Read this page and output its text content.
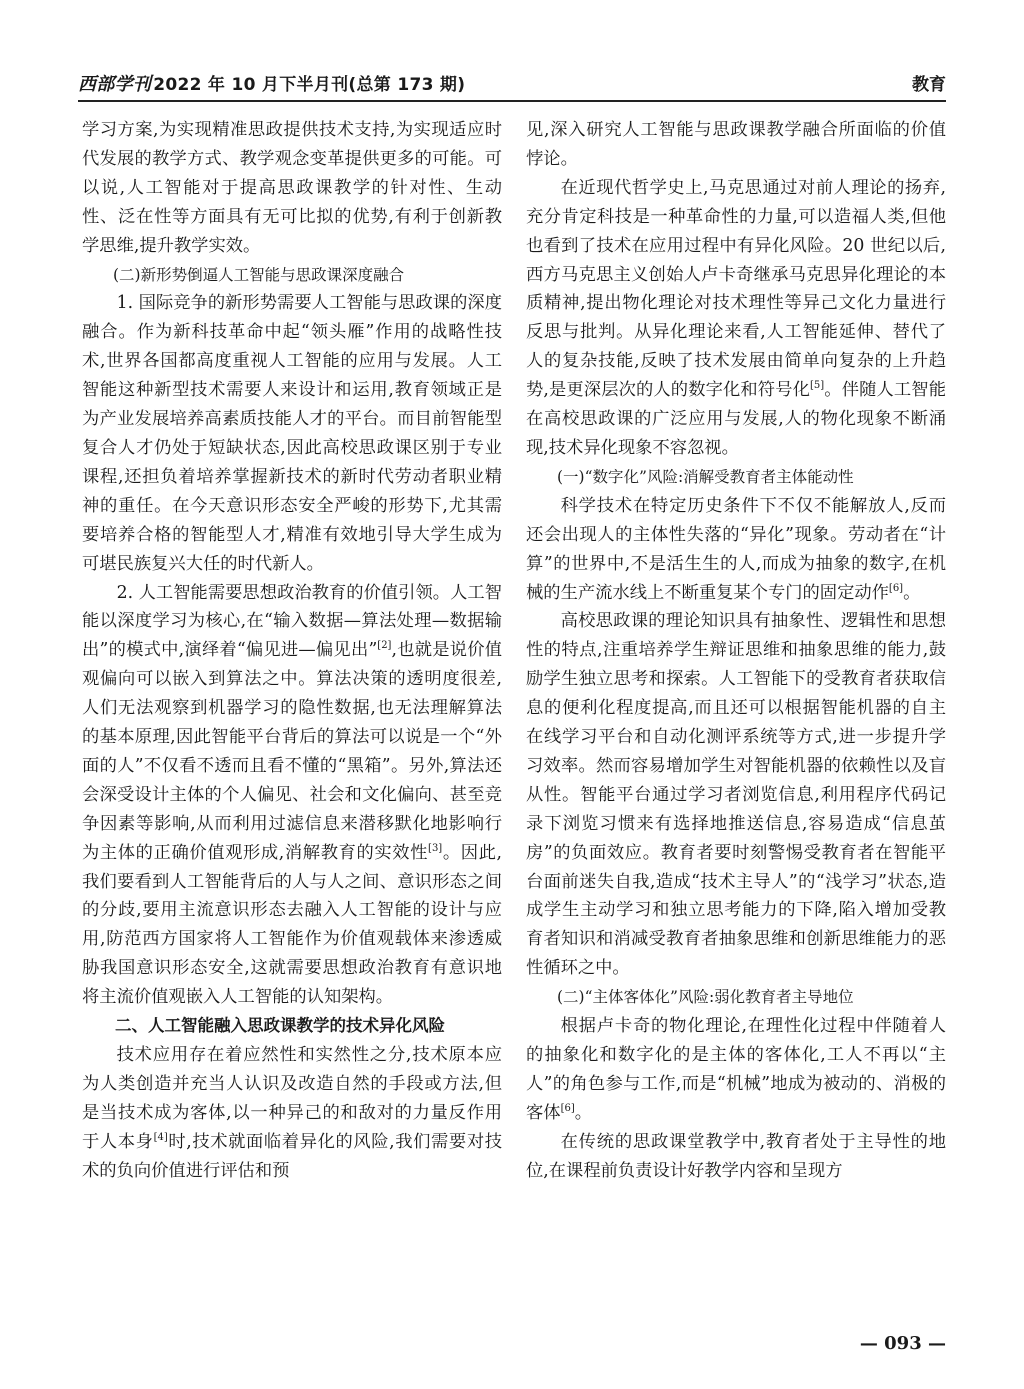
西部学刊 2022 年 10 月下半月刊(总第 173 期)	教育

学习方案,为实现精准思政提供技术支持,为实现适应时代发展的教学方式、教学观念变革提供更多的可能。可以说,人工智能对于提高思政课教学的针对性、生动性、泛在性等方面具有无可比拟的优势,有利于创新教学思维,提升教学实效。

(二)新形势倒逼人工智能与思政课深度融合

1. 国际竞争的新形势需要人工智能与思政课的深度融合。作为新科技革命中起“领头雁”作用的战略性技术,世界各国都高度重视人工智能的应用与发展。人工智能这种新型技术需要人来设计和运用,教育领域正是为产业发展培养高素质技能人才的平台。而目前智能型复合人才仍处于短缺状态,因此高校思政课区别于专业课程,还担负着培养掌握新技术的新时代劳动者职业精神的重任。在今天意识形态安全严峻的形势下,尤其需要培养合格的智能型人才,精准有效地引导大学生成为可堪民族复兴大任的时代新人。

2. 人工智能需要思想政治教育的价值引领。人工智能以深度学习为核心,在“输入数据—算法处理—数据输出”的模式中,演绎着“偏见进—偏见出”[2],也就是说价值观偏向可以嵌入到算法之中。算法决策的透明度很差,人们无法观察到机器学习的隐性数据,也无法理解算法的基本原理,因此智能平台背后的算法可以说是一个“外面的人”不仅看不透而且看不懂的“黑箱”。另外,算法还会深受设计主体的个人偏见、社会和文化偏向、甚至竞争因素等影响,从而利用过滤信息来潜移默化地影响行为主体的正确价值观形成,消解教育的实效性[3]。因此,我们要看到人工智能背后的人与人之间、意识形态之间的分歧,要用主流意识形态去融入人工智能的设计与应用,防范西方国家将人工智能作为价值观载体来渗透威胁我国意识形态安全,这就需要思想政治教育有意识地将主流价值观嵌入人工智能的认知架构。

二、人工智能融入思政课教学的技术异化风险

技术应用存在着应然性和实然性之分,技术原本应为人类创造并充当人认识及改造自然的手段或方法,但是当技术成为客体,以一种异己的和敌对的力量反作用于人本身[4]时,技术就面临着异化的风险,我们需要对技术的负向价值进行评估和预

见,深入研究人工智能与思政课教学融合所面临的价值悖论。

在近现代哲学史上,马克思通过对前人理论的扬弃,充分肯定科技是一种革命性的力量,可以造福人类,但他也看到了技术在应用过程中有异化风险。20 世纪以后,西方马克思主义创始人卢卡奇继承马克思异化理论的本质精神,提出物化理论对技术理性等异己文化力量进行反思与批判。从异化理论来看,人工智能延伸、替代了人的复杂技能,反映了技术发展由简单向复杂的上升趋势,是更深层次的人的数字化和符号化[5]。伴随人工智能在高校思政课的广泛应用与发展,人的物化现象不断涌现,技术异化现象不容忽视。

(一)“数字化”风险:消解受教育者主体能动性

科学技术在特定历史条件下不仅不能解放人,反而还会出现人的主体性失落的“异化”现象。劳动者在“计算”的世界中,不是活生生的人,而成为抽象的数字,在机械的生产流水线上不断重复某个专门的固定动作[6]。

高校思政课的理论知识具有抽象性、逻辑性和思想性的特点,注重培养学生辩证思维和抽象思维的能力,鼓励学生独立思考和探索。人工智能下的受教育者获取信息的便利化程度提高,而且还可以根据智能机器的自主在线学习平台和自动化测评系统等方式,进一步提升学习效率。然而容易增加学生对智能机器的依赖性以及盲从性。智能平台通过学习者浏览信息,利用程序代码记录下浏览习惯来有选择地推送信息,容易造成“信息茧房”的负面效应。教育者要时刻警惕受教育者在智能平台面前迷失自我,造成“技术主导人”的“浅学习”状态,造成学生主动学习和独立思考能力的下降,陷入增加受教育者知识和消减受教育者抽象思维和创新思维能力的恶性循环之中。

(二)“主体客体化”风险:弱化教育者主导地位

根据卢卡奇的物化理论,在理性化过程中伴随着人的抽象化和数字化的是主体的客体化,工人不再以“主人”的角色参与工作,而是“机械”地成为被动的、消极的客体[6]。

在传统的思政课堂教学中,教育者处于主导性的地位,在课程前负责设计好教学内容和呈现方

— 093 —
